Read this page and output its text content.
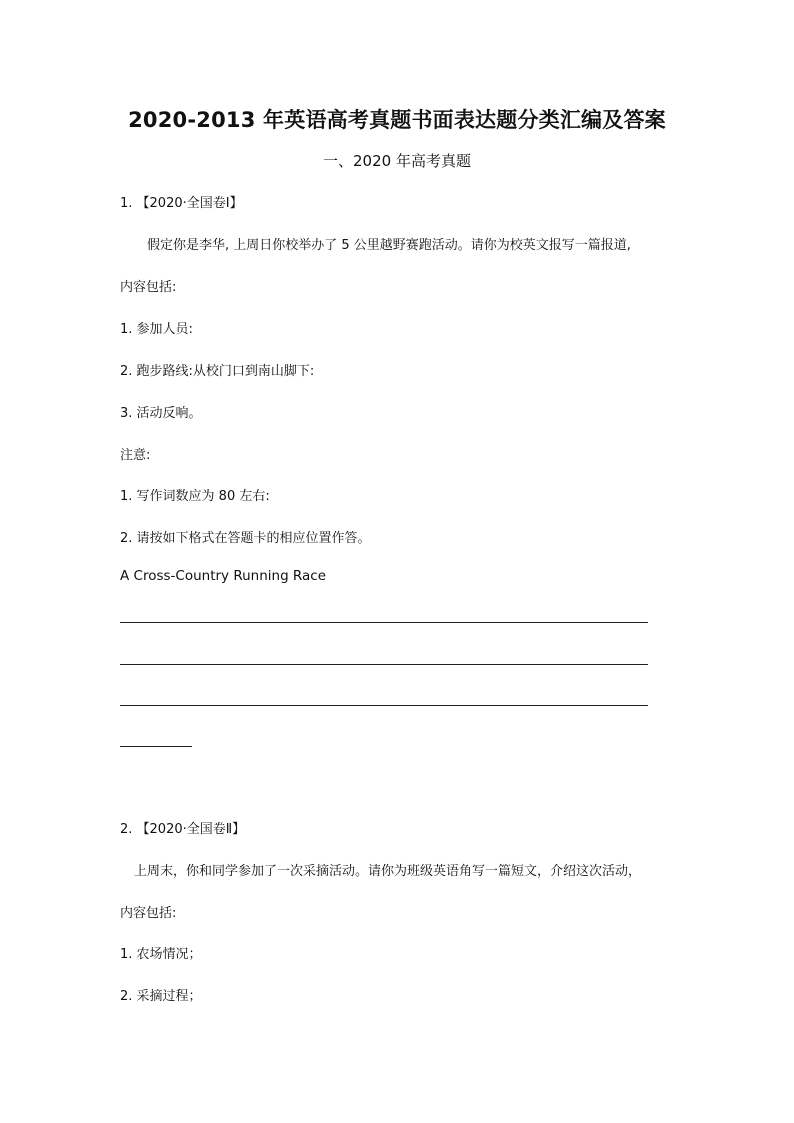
2020-2013 年英语高考真题书面表达题分类汇编及答案
一、2020 年高考真题
1. 【2020·全国卷Ⅰ】
假定你是李华, 上周日你校举办了 5 公里越野赛跑活动。请你为校英文报写一篇报道,
内容包括:
1. 参加人员:
2. 跑步路线:从校门口到南山脚下:
3. 活动反响。
注意:
1. 写作词数应为 80 左右:
2. 请按如下格式在答题卡的相应位置作答。
A Cross-Country Running Race
2. 【2020·全国卷Ⅱ】
上周末，你和同学参加了一次采摘活动。请你为班级英语角写一篇短文，介绍这次活动，
内容包括:
1. 农场情况；
2. 采摘过程；
